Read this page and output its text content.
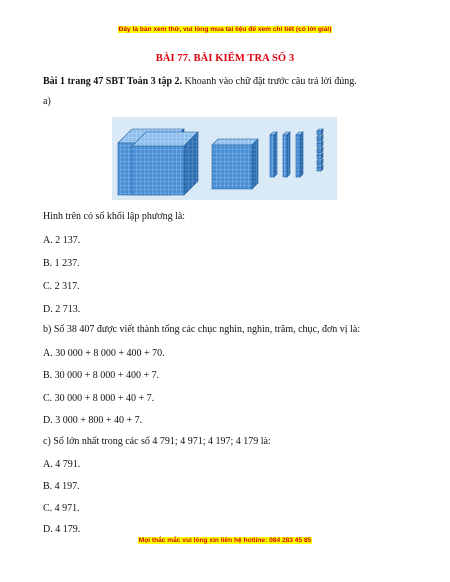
Đây là bản xem thử, vui lòng mua tài liệu để xem chi tiết (có lời giải)
BÀI 77. BÀI KIỂM TRA SỐ 3
Bài 1 trang 47 SBT Toán 3 tập 2. Khoanh vào chữ đặt trước câu trả lời đúng.
a)
Hình trên có số khối lập phương là:
A. 2 137.
B. 1 237.
C. 2 317.
D. 2 713.
b) Số 38 407 được viết thành tổng các chục nghìn, nghìn, trăm, chục, đơn vị là:
A. 30 000 + 8 000 + 400 + 70.
B. 30 000 + 8 000 + 400 + 7.
C. 30 000 + 8 000 + 40 + 7.
D. 3 000 + 800 + 40 + 7.
c) Số lớn nhất trong các số 4 791; 4 971; 4 197; 4 179 là:
A. 4 791.
B. 4 197.
C. 4 971.
D. 4 179.
Mọi thắc mắc vui lòng xin liên hệ hotline: 084 283 45 85
